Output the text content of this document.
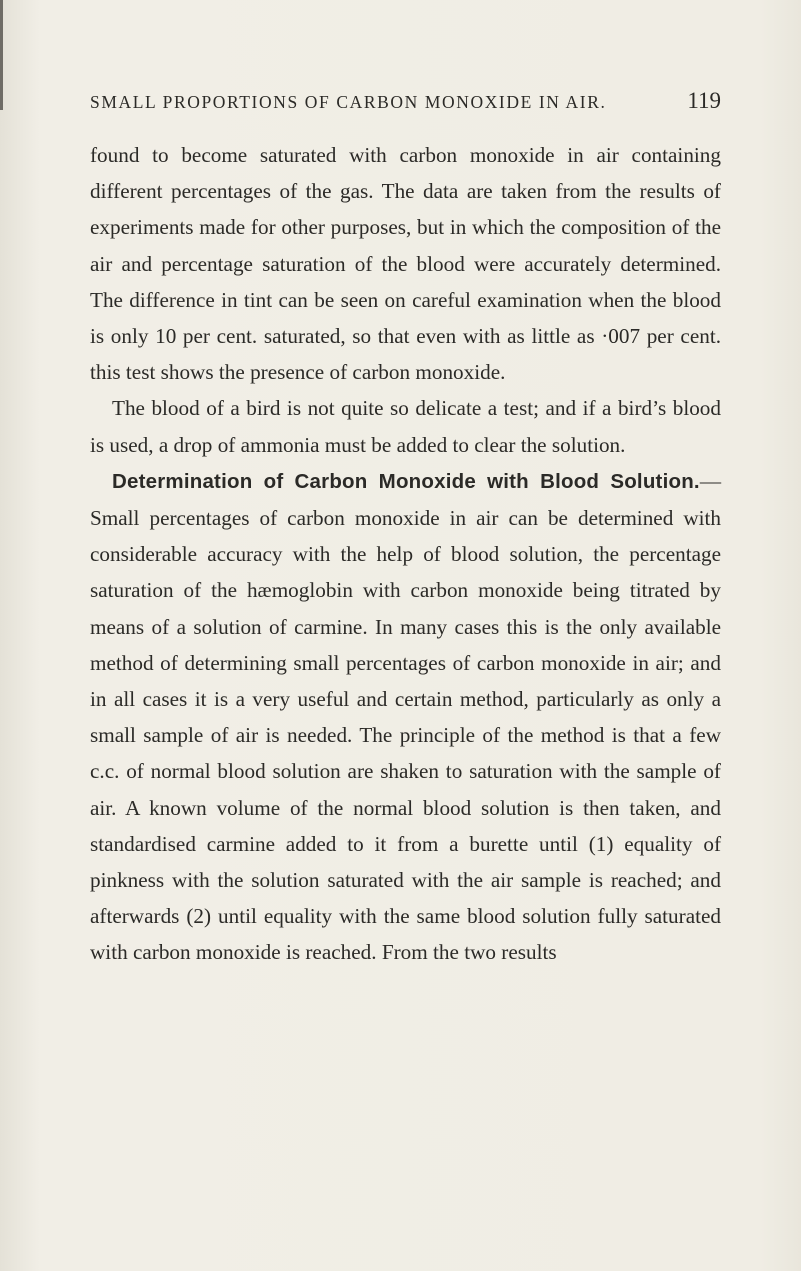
SMALL PROPORTIONS OF CARBON MONOXIDE IN AIR.	119

found to become saturated with carbon monoxide in air containing different percentages of the gas. The data are taken from the results of experiments made for other purposes, but in which the composition of the air and percentage saturation of the blood were accurately determined. The difference in tint can be seen on careful examination when the blood is only 10 per cent. saturated, so that even with as little as ·007 per cent. this test shows the presence of carbon monoxide.

The blood of a bird is not quite so delicate a test; and if a bird’s blood is used, a drop of ammonia must be added to clear the solution.

Determination of Carbon Monoxide with Blood Solution.—Small percentages of carbon monoxide in air can be determined with considerable accuracy with the help of blood solution, the percentage saturation of the hæmoglobin with carbon monoxide being titrated by means of a solution of carmine. In many cases this is the only available method of determining small percentages of carbon monoxide in air; and in all cases it is a very useful and certain method, particularly as only a small sample of air is needed. The principle of the method is that a few c.c. of normal blood solution are shaken to saturation with the sample of air. A known volume of the normal blood solution is then taken, and standardised carmine added to it from a burette until (1) equality of pinkness with the solution saturated with the air sample is reached; and afterwards (2) until equality with the same blood solution fully saturated with carbon monoxide is reached. From the two results
